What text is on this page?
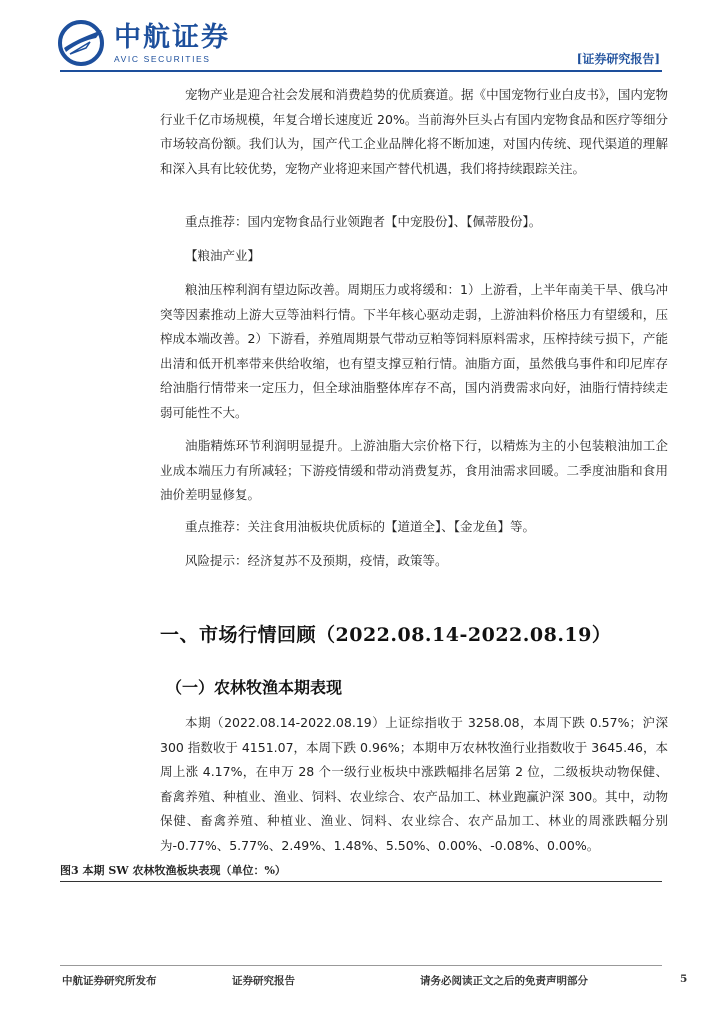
中航证券
AVIC SECURITIES	[证券研究报告]

宠物产业是迎合社会发展和消费趋势的优质赛道。据《中国宠物行业白皮书》，国内宠物行业千亿市场规模，年复合增长速度近 20%。当前海外巨头占有国内宠物食品和医疗等细分市场较高份额。我们认为，国产代工企业品牌化将不断加速，对国内传统、现代渠道的理解和深入具有比较优势，宠物产业将迎来国产替代机遇，我们将持续跟踪关注。

重点推荐：国内宠物食品行业领跑者【中宠股份】、【佩蒂股份】。

【粮油产业】

粮油压榨利润有望边际改善。周期压力或将缓和：1）上游看，上半年南美干旱、俄乌冲突等因素推动上游大豆等油料行情。下半年核心驱动走弱，上游油料价格压力有望缓和，压榨成本端改善。2）下游看，养殖周期景气带动豆粕等饲料原料需求，压榨持续亏损下，产能出清和低开机率带来供给收缩，也有望支撑豆粕行情。油脂方面，虽然俄乌事件和印尼库存给油脂行情带来一定压力，但全球油脂整体库存不高，国内消费需求向好，油脂行情持续走弱可能性不大。

油脂精炼环节利润明显提升。上游油脂大宗价格下行，以精炼为主的小包装粮油加工企业成本端压力有所减轻；下游疫情缓和带动消费复苏，食用油需求回暖。二季度油脂和食用油价差明显修复。

重点推荐：关注食用油板块优质标的【道道全】、【金龙鱼】等。

风险提示：经济复苏不及预期，疫情，政策等。

一、市场行情回顾（2022.08.14-2022.08.19）
（一）农林牧渔本期表现

本期（2022.08.14-2022.08.19）上证综指收于 3258.08，本周下跌 0.57%；沪深 300 指数收于 4151.07，本周下跌 0.96%；本期申万农林牧渔行业指数收于 3645.46，本周上涨 4.17%，在申万 28 个一级行业板块中涨跌幅排名居第 2 位，二级板块动物保健、畜禽养殖、种植业、渔业、饲料、农业综合、农产品加工、林业跑赢沪深 300。其中，动物保健、畜禽养殖、种植业、渔业、饲料、农业综合、农产品加工、林业的周涨跌幅分别为-0.77%、5.77%、2.49%、1.48%、5.50%、0.00%、-0.08%、0.00%。

图3 本期 SW 农林牧渔板块表现（单位：%）
中航证券研究所发布	证券研究报告	请务必阅读正文之后的免责声明部分	5
